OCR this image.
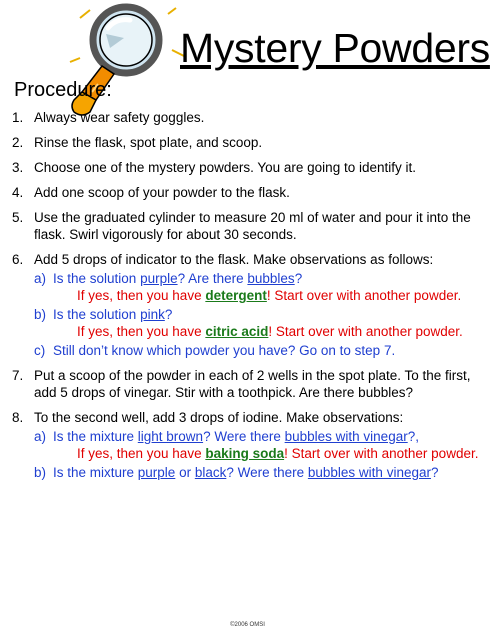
Mystery Powders
Procedure:
1. Always wear safety goggles.
2. Rinse the flask, spot plate, and scoop.
3. Choose one of the mystery powders. You are going to identify it.
4. Add one scoop of your powder to the flask.
5. Use the graduated cylinder to measure 20 ml of water and pour it into the flask. Swirl vigorously for about 30 seconds.
6. Add 5 drops of indicator to the flask. Make observations as follows:
a) Is the solution purple? Are there bubbles?
If yes, then you have detergent! Start over with another powder.
b) Is the solution pink?
If yes, then you have citric acid! Start over with another powder.
c) Still don’t know which powder you have? Go on to step 7.
7. Put a scoop of the powder in each of 2 wells in the spot plate. To the first, add 5 drops of vinegar. Stir with a toothpick. Are there bubbles?
8. To the second well, add 3 drops of iodine. Make observations:
a) Is the mixture light brown? Were there bubbles with vinegar?,
If yes, then you have baking soda! Start over with another powder.
b) Is the mixture purple or black? Were there bubbles with vinegar?
©2006 OMSI
